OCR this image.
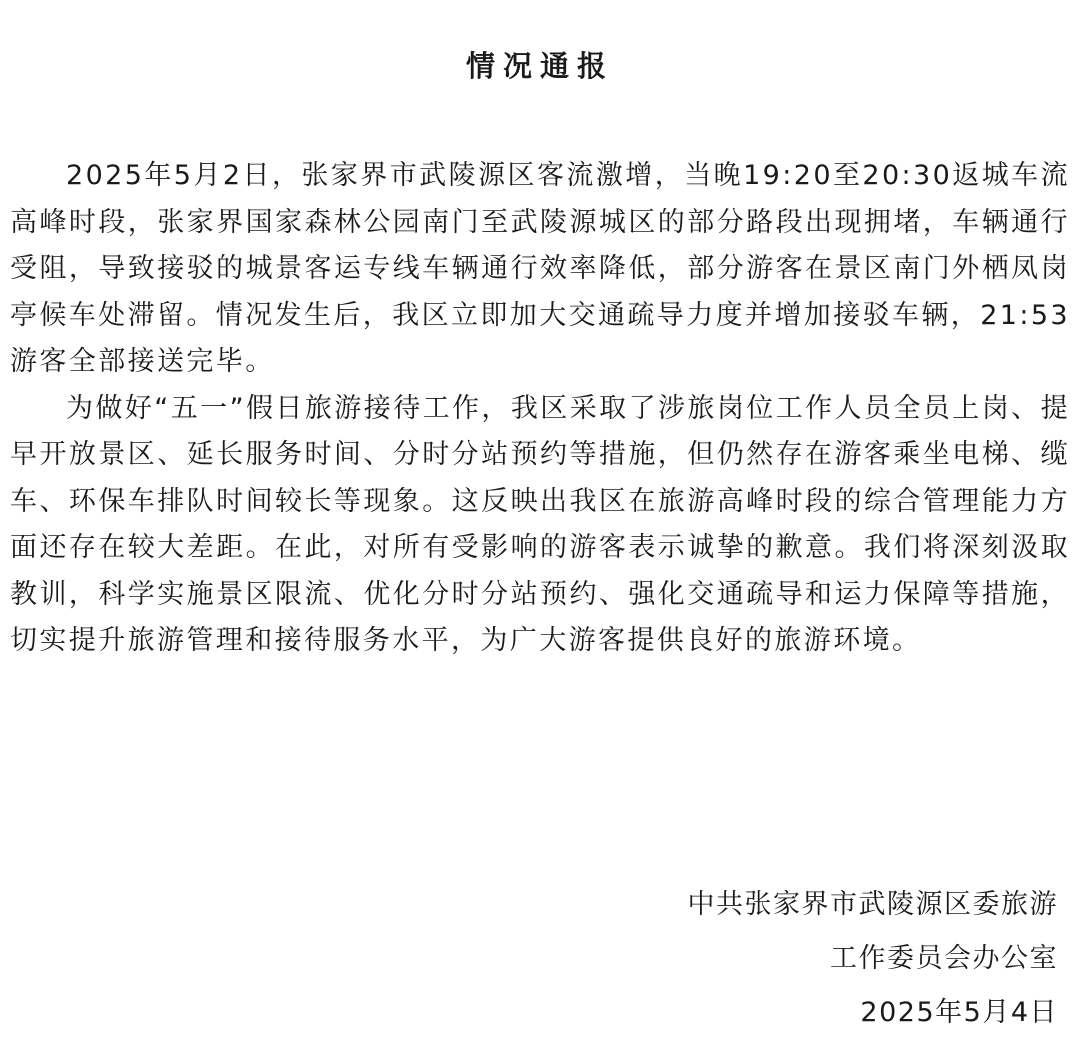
情况通报

2025年5月2日，张家界市武陵源区客流激增，当晚19:20至20:30返城车流高峰时段，张家界国家森林公园南门至武陵源城区的部分路段出现拥堵，车辆通行受阻，导致接驳的城景客运专线车辆通行效率降低，部分游客在景区南门外栖凤岗亭候车处滞留。情况发生后，我区立即加大交通疏导力度并增加接驳车辆，21:53游客全部接送完毕。

为做好“五一”假日旅游接待工作，我区采取了涉旅岗位工作人员全员上岗、提早开放景区、延长服务时间、分时分站预约等措施，但仍然存在游客乘坐电梯、缆车、环保车排队时间较长等现象。这反映出我区在旅游高峰时段的综合管理能力方面还存在较大差距。在此，对所有受影响的游客表示诚挚的歉意。我们将深刻汲取教训，科学实施景区限流、优化分时分站预约、强化交通疏导和运力保障等措施，切实提升旅游管理和接待服务水平，为广大游客提供良好的旅游环境。

中共张家界市武陵源区委旅游
工作委员会办公室
2025年5月4日
